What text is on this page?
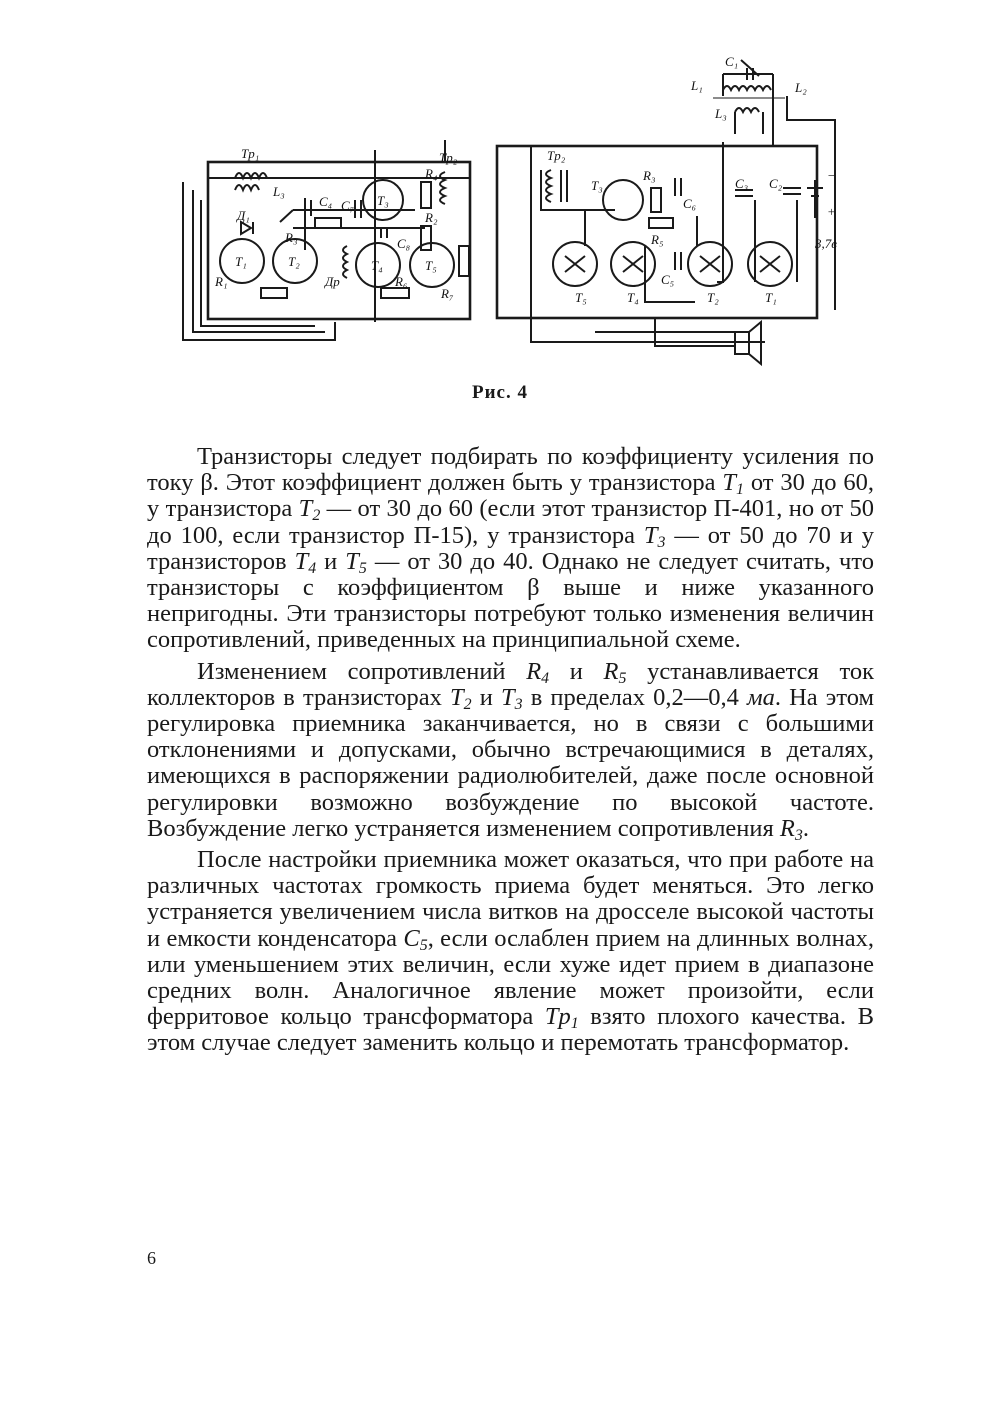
Tp₁	Tp₂
L₃
C₄ C₇ T₃
R₄
R₂
Д₁
R₃	C₈
T₁	T₂	T₄	T₅
R₁	Др	R₆
R₇
C₁
L₁	L₂
L₃
Tp₂
T₃
R₃
C₆
C₃ C₂
R₅
C₅
T₅	T₄	T₂	T₁
3,7в
−
+
Рис. 4

Транзисторы следует подбирать по коэффициенту усиления по току β. Этот коэффициент должен быть у транзистора $T_1$ от 30 до 60, у транзистора $T_2$ — от 30 до 60 (если этот транзистор П-401, но от 50 до 100, если транзистор П-15), у транзистора $T_3$ — от 50 до 70 и у транзисторов $T_4$ и $T_5$ — от 30 до 40. Однако не следует считать, что транзисторы с коэффициентом β выше и ниже указанного непригодны. Эти транзисторы потребуют только изменения величин сопротивлений, приведенных на принципиальной схеме.

Изменением сопротивлений $R_4$ и $R_5$ устанавливается ток коллекторов в транзисторах $T_2$ и $T_3$ в пределах 0,2—0,4 ма. На этом регулировка приемника заканчивается, но в связи с большими отклонениями и допусками, обычно встречающимися в деталях, имеющихся в распоряжении радиолюбителей, даже после основной регулировки возможно возбуждение по высокой частоте. Возбуждение легко устраняется изменением сопротивления $R_3$.

После настройки приемника может оказаться, что при работе на различных частотах громкость приема будет меняться. Это легко устраняется увеличением числа витков на дросселе высокой частоты и емкости конденсатора $C_5$, если ослаблен прием на длинных волнах, или уменьшением этих величин, если хуже идет прием в диапазоне средних волн. Аналогичное явление может произойти, если ферритовое кольцо трансформатора $Tp_1$ взято плохого качества. В этом случае следует заменить кольцо и перемотать трансформатор.

6
